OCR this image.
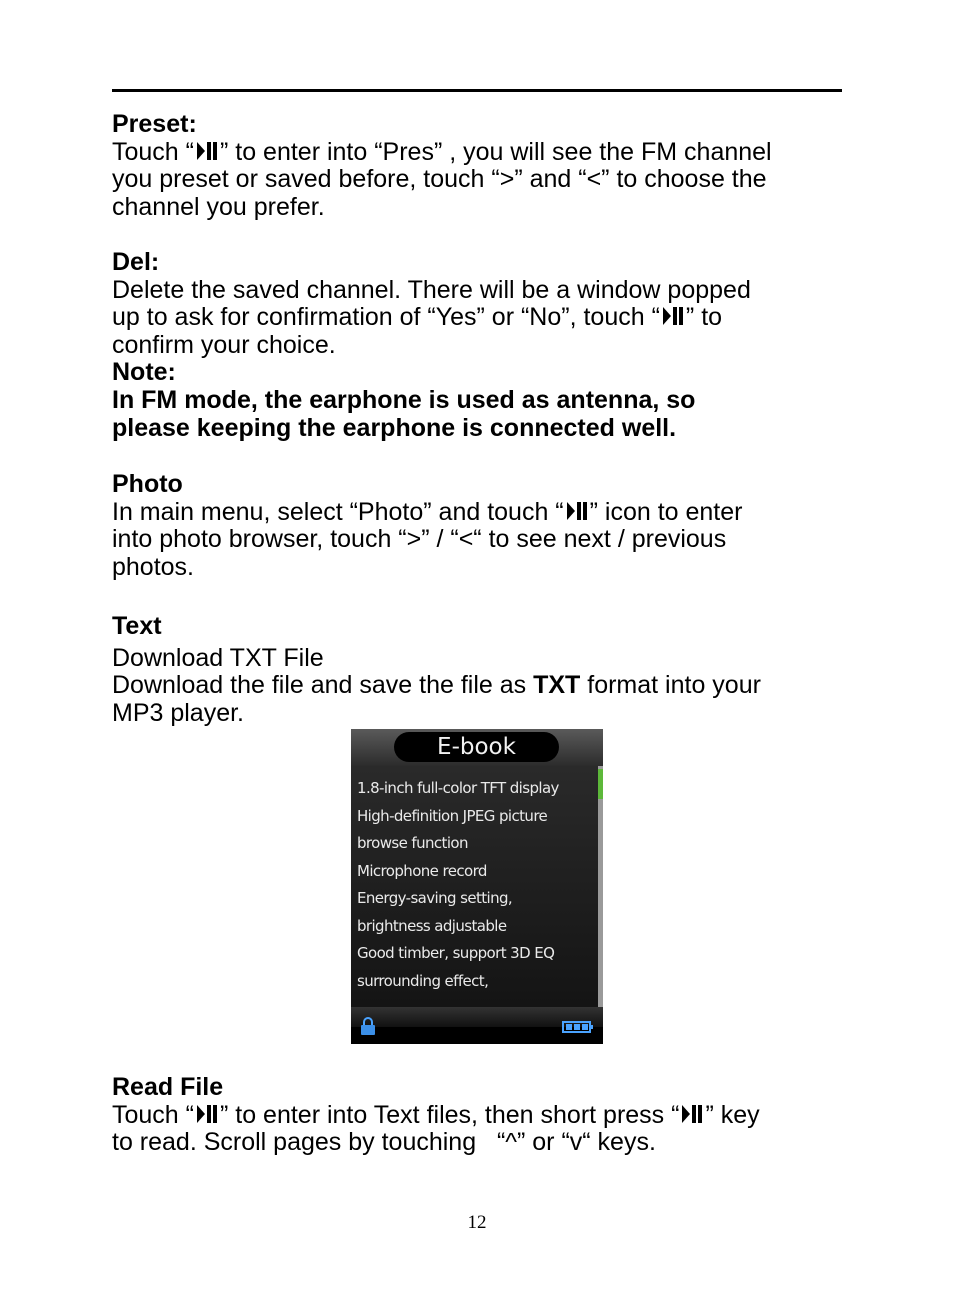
Preset:

Touch “ ” to enter into “Pres” , you will see the FM channel

you preset or saved before, touch “>” and “<” to choose the

channel you prefer.

Del:

Delete the saved channel. There will be a window popped

up to ask for confirmation of “Yes” or “No”, touch “ ” to

confirm your choice.

Note:

In FM mode, the earphone is used as antenna, so

please keeping the earphone is connected well.

Photo

In main menu, select “Photo” and touch “ ” icon to enter

into photo browser, touch “>” / “<“ to see next / previous

photos.

Text

Download TXT File

Download the file and save the file as TXT format into your

MP3 player.

E-book
1.8-inch full-color TFT display
High-definition JPEG picture
browse function
Microphone record
Energy-saving setting,
brightness adjustable
Good timber, support 3D EQ
surrounding effect,

Read File

Touch “ ” to enter into Text files, then short press “ ” key

to read. Scroll pages by touching   “^” or “v“ keys.

12
